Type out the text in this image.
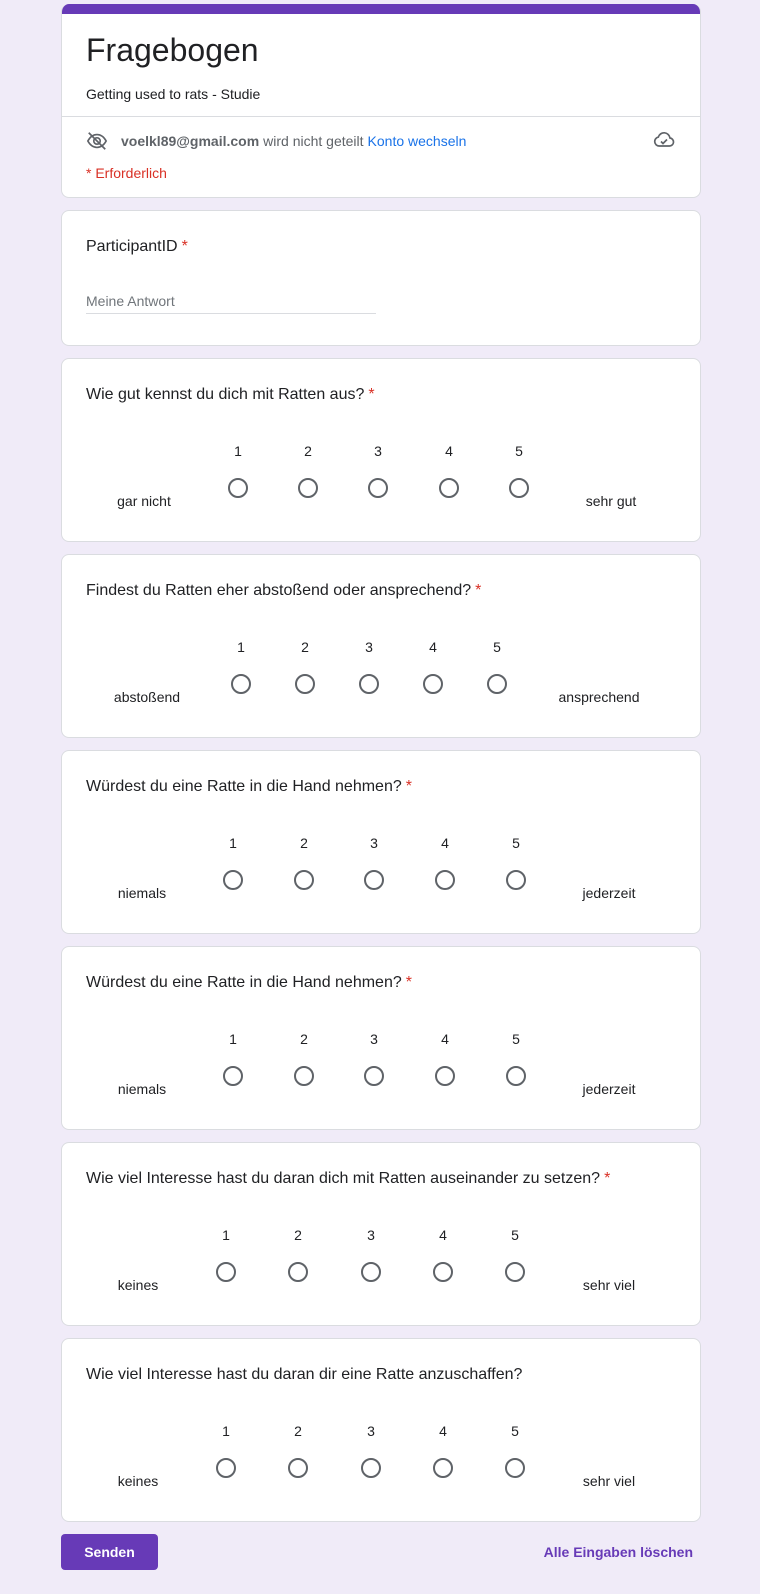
Fragebogen
Getting used to rats - Studie
voelkl89@gmail.com wird nicht geteilt Konto wechseln
* Erforderlich
ParticipantID *
Meine Antwort
Wie gut kennst du dich mit Ratten aus? *
gar nicht
1	2	3	4	5
sehr gut
Findest du Ratten eher abstoßend oder ansprechend? *
abstoßend
1	2	3	4	5
ansprechend
Würdest du eine Ratte in die Hand nehmen? *
niemals
1	2	3	4	5
jederzeit
Würdest du eine Ratte in die Hand nehmen? *
niemals
1	2	3	4	5
jederzeit
Wie viel Interesse hast du daran dich mit Ratten auseinander zu setzen? *
keines
1	2	3	4	5
sehr viel
Wie viel Interesse hast du daran dir eine Ratte anzuschaffen?
keines
1	2	3	4	5
sehr viel
Senden	Alle Eingaben löschen
